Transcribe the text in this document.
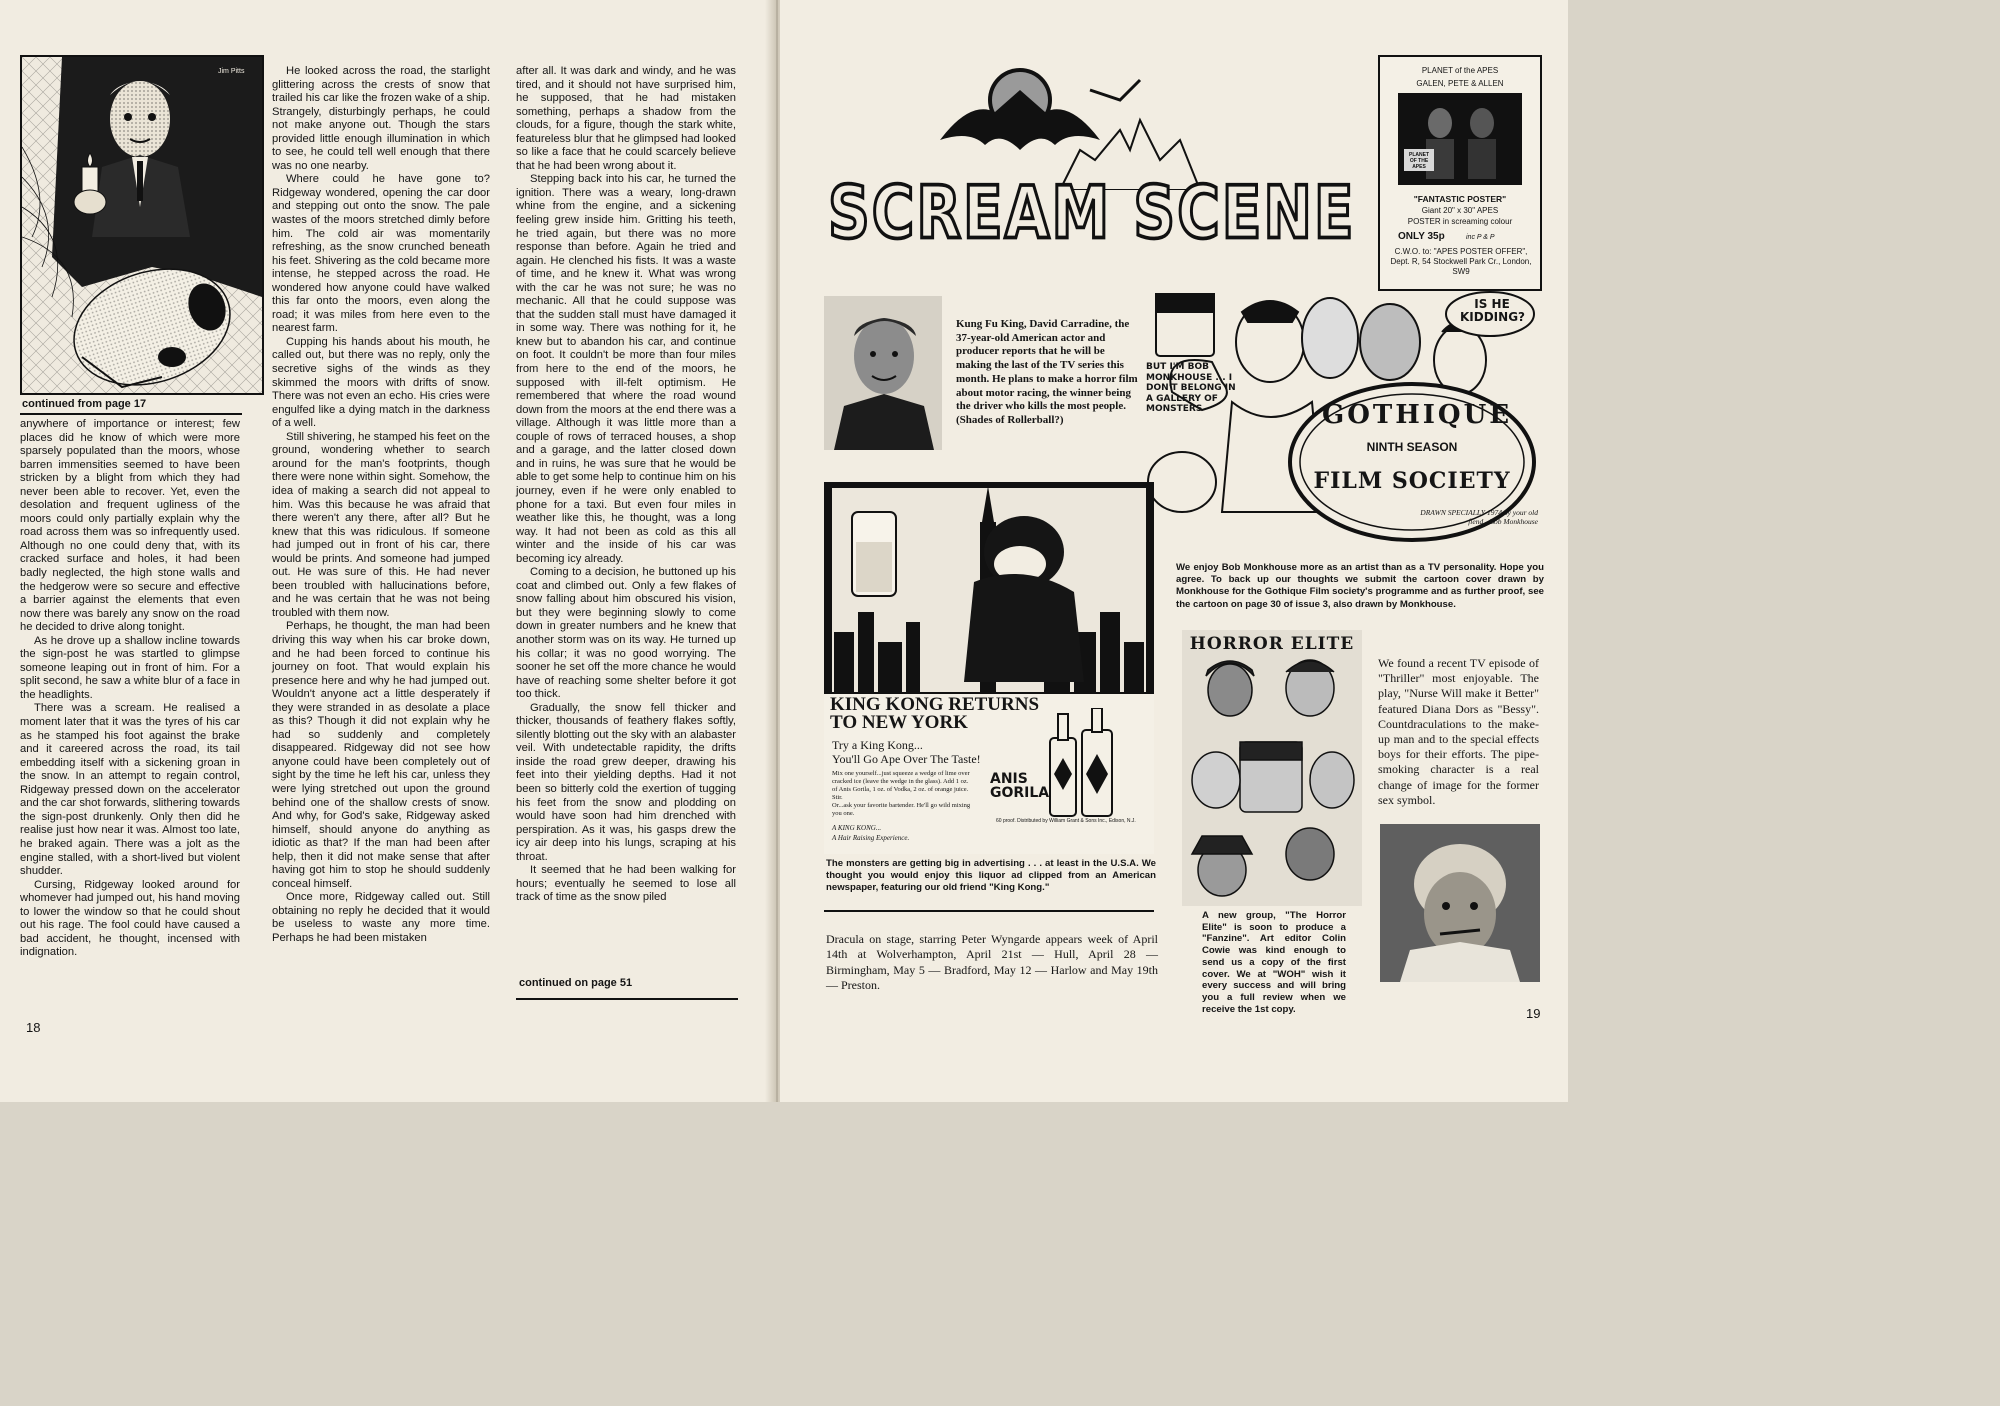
Jim Pitts
continued from page 17

anywhere of importance or interest; few places did he know of which were more sparsely populated than the moors, whose barren immensities seemed to have been stricken by a blight from which they had never been able to recover. Yet, even the desolation and frequent ugliness of the moors could only partially explain why the road across them was so infrequently used. Although no one could deny that, with its cracked surface and holes, it had been badly neglected, the high stone walls and the hedgerow were so secure and effective a barrier against the elements that even now there was barely any snow on the road he decided to drive along tonight.

As he drove up a shallow incline towards the sign-post he was startled to glimpse someone leaping out in front of him. For a split second, he saw a white blur of a face in the headlights.

There was a scream. He realised a moment later that it was the tyres of his car as he stamped his foot against the brake and it careered across the road, its tail embedding itself with a sickening groan in the snow. In an attempt to regain control, Ridgeway pressed down on the accelerator and the car shot forwards, slithering towards the sign-post drunkenly. Only then did he realise just how near it was. Almost too late, he braked again. There was a jolt as the engine stalled, with a short-lived but violent shudder.

Cursing, Ridgeway looked around for whomever had jumped out, his hand moving to lower the window so that he could shout out his rage. The fool could have caused a bad accident, he thought, incensed with indignation.

He looked across the road, the starlight glittering across the crests of snow that trailed his car like the frozen wake of a ship. Strangely, disturbingly perhaps, he could not make anyone out. Though the stars provided little enough illumination in which to see, he could tell well enough that there was no one nearby.

Where could he have gone to? Ridgeway wondered, opening the car door and stepping out onto the snow. The pale wastes of the moors stretched dimly before him. The cold air was momentarily refreshing, as the snow crunched beneath his feet. Shivering as the cold became more intense, he stepped across the road. He wondered how anyone could have walked this far onto the moors, even along the road; it was miles from here even to the nearest farm.

Cupping his hands about his mouth, he called out, but there was no reply, only the secretive sighs of the winds as they skimmed the moors with drifts of snow. There was not even an echo. His cries were engulfed like a dying match in the darkness of a well.

Still shivering, he stamped his feet on the ground, wondering whether to search around for the man's footprints, though there were none within sight. Somehow, the idea of making a search did not appeal to him. Was this because he was afraid that there weren't any there, after all? But he knew that this was ridiculous. If someone had jumped out in front of his car, there would be prints. And someone had jumped out. He was sure of this. He had never been troubled with hallucinations before, and he was certain that he was not being troubled with them now.

Perhaps, he thought, the man had been driving this way when his car broke down, and he had been forced to continue his journey on foot. That would explain his presence here and why he had jumped out. Wouldn't anyone act a little desperately if they were stranded in as desolate a place as this? Though it did not explain why he had so suddenly and completely disappeared. Ridgeway did not see how anyone could have been completely out of sight by the time he left his car, unless they were lying stretched out upon the ground behind one of the shallow crests of snow. And why, for God's sake, Ridgeway asked himself, should anyone do anything as idiotic as that? If the man had been after help, then it did not make sense that after having got him to stop he should suddenly conceal himself.

Once more, Ridgeway called out. Still obtaining no reply he decided that it would be useless to waste any more time. Perhaps he had been mistaken

after all. It was dark and windy, and he was tired, and it should not have surprised him, he supposed, that he had mistaken something, perhaps a shadow from the clouds, for a figure, though the stark white, featureless blur that he glimpsed had looked so like a face that he could scarcely believe that he had been wrong about it.

Stepping back into his car, he turned the ignition. There was a weary, long-drawn whine from the engine, and a sickening feeling grew inside him. Gritting his teeth, he tried again, but there was no more response than before. Again he tried and again. He clenched his fists. It was a waste of time, and he knew it. What was wrong with the car he was not sure; he was no mechanic. All that he could suppose was that the sudden stall must have damaged it in some way. There was nothing for it, he knew but to abandon his car, and continue on foot. It couldn't be more than four miles from here to the end of the moors, he supposed with ill-felt optimism. He remembered that where the road wound down from the moors at the end there was a village. Although it was little more than a couple of rows of terraced houses, a shop and a garage, and the latter closed down and in ruins, he was sure that he would be able to get some help to continue him on his journey, even if he were only enabled to phone for a taxi. But even four miles in weather like this, he thought, was a long way. It had not been as cold as this all winter and the inside of his car was becoming icy already.

Coming to a decision, he buttoned up his coat and climbed out. Only a few flakes of snow falling about him obscured his vision, but they were beginning slowly to come down in greater numbers and he knew that another storm was on its way. He turned up his collar; it was no good worrying. The sooner he set off the more chance he would have of reaching some shelter before it got too thick.

Gradually, the snow fell thicker and thicker, thousands of feathery flakes softly, silently blotting out the sky with an alabaster veil. With undetectable rapidity, the drifts inside the road grew deeper, drawing his feet into their yielding depths. Had it not been so bitterly cold the exertion of tugging his feet from the snow and plodding on would have soon had him drenched with perspiration. As it was, his gasps drew the icy air deep into his lungs, scraping at his throat.

It seemed that he had been walking for hours; eventually he seemed to lose all track of time as the snow piled

continued on page 51
18
SCREAM SCENE
PLANET of the APES
GALEN, PETE & ALLEN
PLANET OF THE APES
"FANTASTIC POSTER"
Giant 20" x 30" APES
POSTER in screaming colour
ONLY 35p	inc P & P
C.W.O. to: "APES POSTER OFFER", Dept. R, 54 Stockwell Park Cr., London, SW9
Kung Fu King, David Carradine, the 37-year-old American actor and producer reports that he will be making the last of the TV series this month. He plans to make a horror film about motor racing, the winner being the driver who kills the most people. (Shades of Rollerball?)
IS HE KIDDING?
BUT I'M BOB MONKHOUSE ... I DON'T BELONG IN A GALLERY OF MONSTERS	GOTHIQUE
NINTH SEASON
FILM SOCIETY
DRAWN SPECIALLY 1974 by your old fiend - Bob Monkhouse
We enjoy Bob Monkhouse more as an artist than as a TV personality. Hope you agree. To back up our thoughts we submit the cartoon cover drawn by Monkhouse for the Gothique Film society's programme and as further proof, see the cartoon on page 30 of issue 3, also drawn by Monkhouse.
KING KONG RETURNS TO NEW YORK
Try a King Kong...
You'll Go Ape Over The Taste!
Mix one yourself...just squeeze a wedge of lime over cracked ice (leave the wedge in the glass). Add 1 oz. of Anis Gorila, 1 oz. of Vodka, 2 oz. of orange juice. Stir.
Or...ask your favorite bartender. He'll go wild mixing you one.
A KING KONG...
A Hair Raising Experience.
ANIS GORILA
60 proof. Distributed by William Grant & Sons Inc., Edison, N.J.
The monsters are getting big in advertising . . . at least in the U.S.A. We thought you would enjoy this liquor ad clipped from an American newspaper, featuring our old friend "King Kong."
Dracula on stage, starring Peter Wyngarde appears week of April 14th at Wolverhampton, April 21st — Hull, April 28 — Birmingham, May 5 — Bradford, May 12 — Harlow and May 19th — Preston.
HORROR ELITE
A new group, "The Horror Elite" is soon to produce a "Fanzine". Art editor Colin Cowie was kind enough to send us a copy of the first cover. We at "WOH" wish it every success and will bring you a full review when we receive the 1st copy.
We found a recent TV episode of "Thriller" most enjoyable. The play, "Nurse Will make it Better" featured Diana Dors as "Bessy". Countdraculations to the make-up man and to the special effects boys for their efforts. The pipe-smoking character is a real change of image for the former sex symbol.
19
